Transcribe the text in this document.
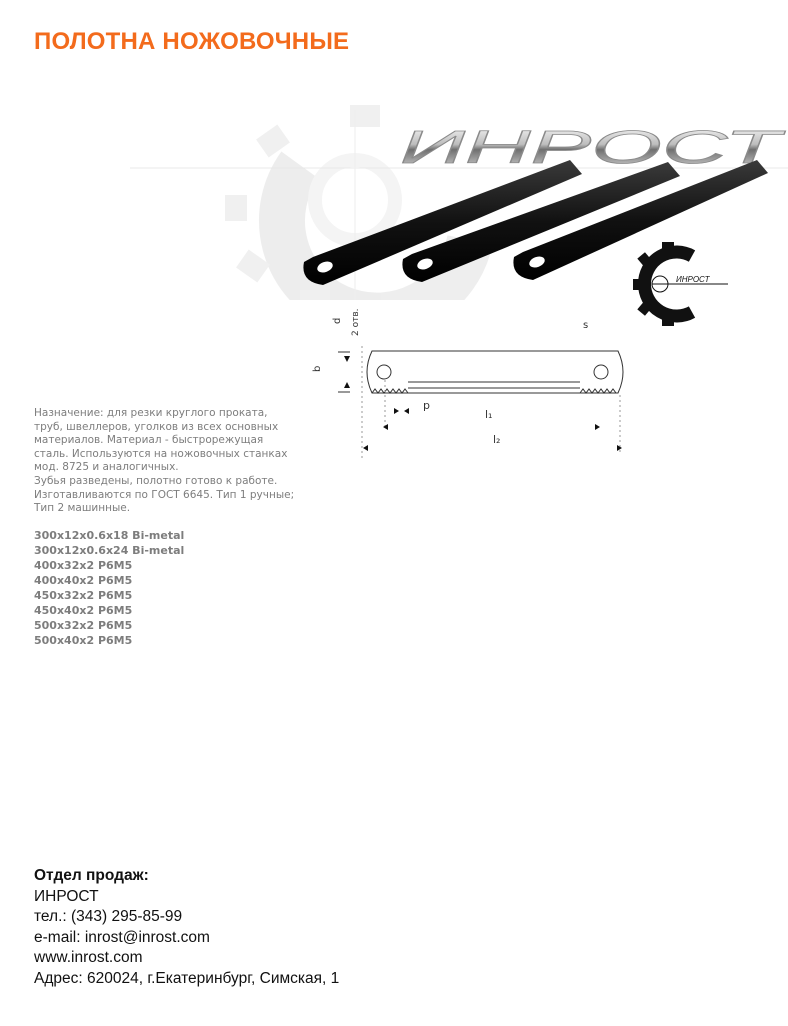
ПОЛОТНА НОЖОВОЧНЫЕ
ИНРОСТ
ИНРОСТ
d 2 отв.	s
b
p
l₁
l₂
Назначение: для резки круглого проката,
труб, швеллеров, уголков из всех основных
материалов. Материал - быстрорежущая
сталь. Используются на ножовочных станках
мод. 8725 и аналогичных.
Зубья разведены, полотно готово к работе.
Изготавливаются по ГОСТ 6645. Тип 1 ручные;
Тип 2 машинные.
300x12x0.6x18 Bi-metal
300x12x0.6x24 Bi-metal
400x32x2 Р6М5
400x40x2 Р6М5
450x32x2 Р6М5
450x40x2 Р6М5
500x32x2 Р6М5
500x40x2 Р6М5
Отдел продаж:
ИНРОСТ
тел.: (343) 295-85-99
e-mail: inrost@inrost.com
www.inrost.com
Адрес: 620024, г.Екатеринбург, Симская, 1
